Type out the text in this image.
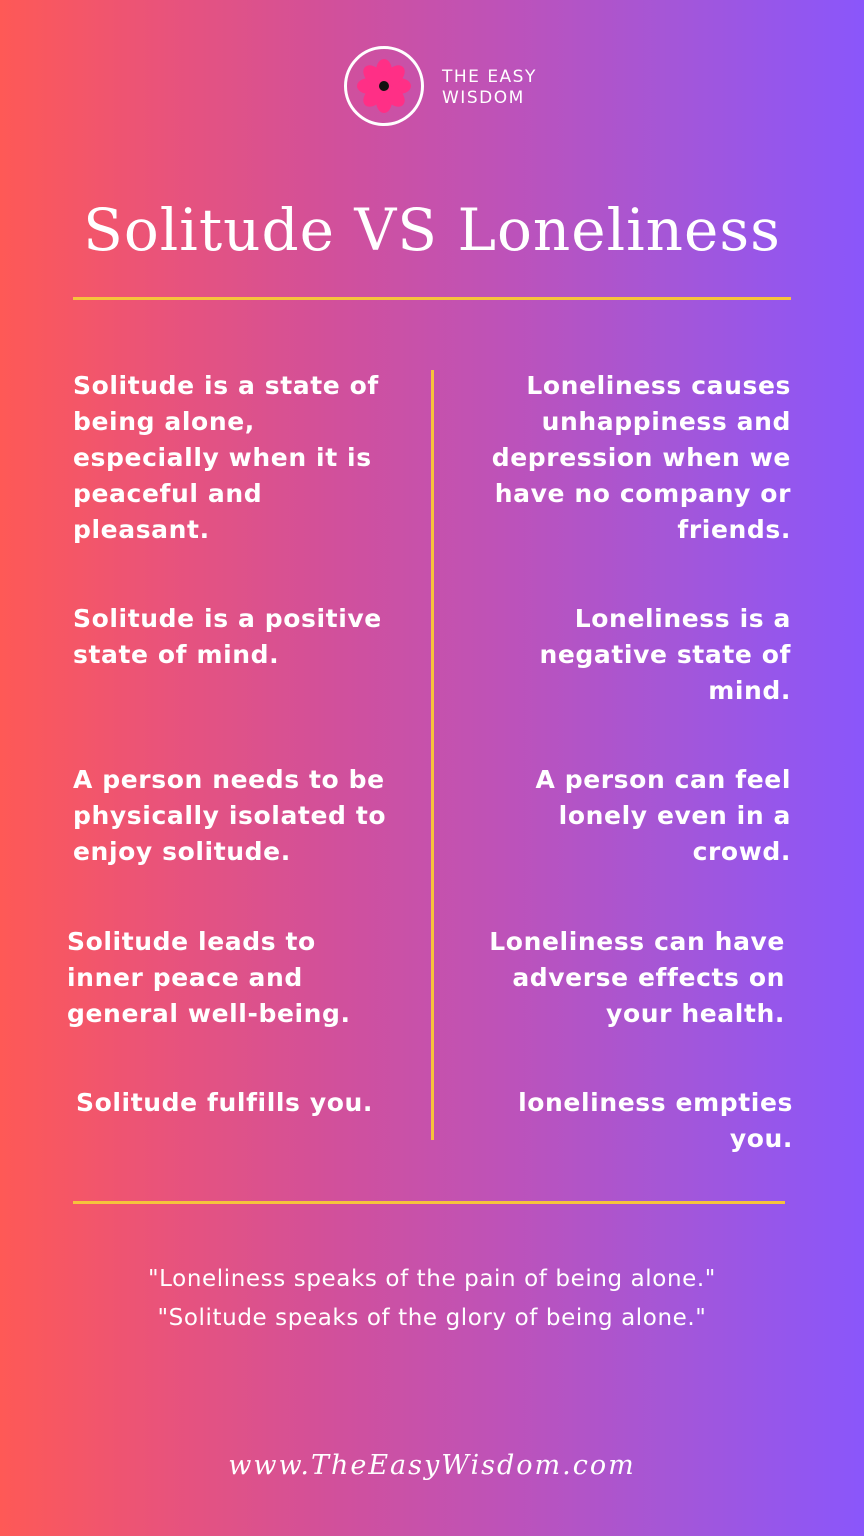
THE EASY
WISDOM
Solitude VS Loneliness
Solitude is a state of
being alone,
especially when it is
peaceful and
pleasant.
Loneliness causes
unhappiness and
depression when we
have no company or
friends.
Solitude is a positive
state of mind.
Loneliness is a
negative state of
mind.
A person needs to be
physically isolated to
enjoy solitude.
A person can feel
lonely even in a
crowd.
Solitude leads to
inner peace and
general well-being.
Loneliness can have
adverse effects on
your health.
Solitude fulfills you.	loneliness empties
you.
"Loneliness speaks of the pain of being alone."
"Solitude speaks of the glory of being alone."
www.TheEasyWisdom.com
